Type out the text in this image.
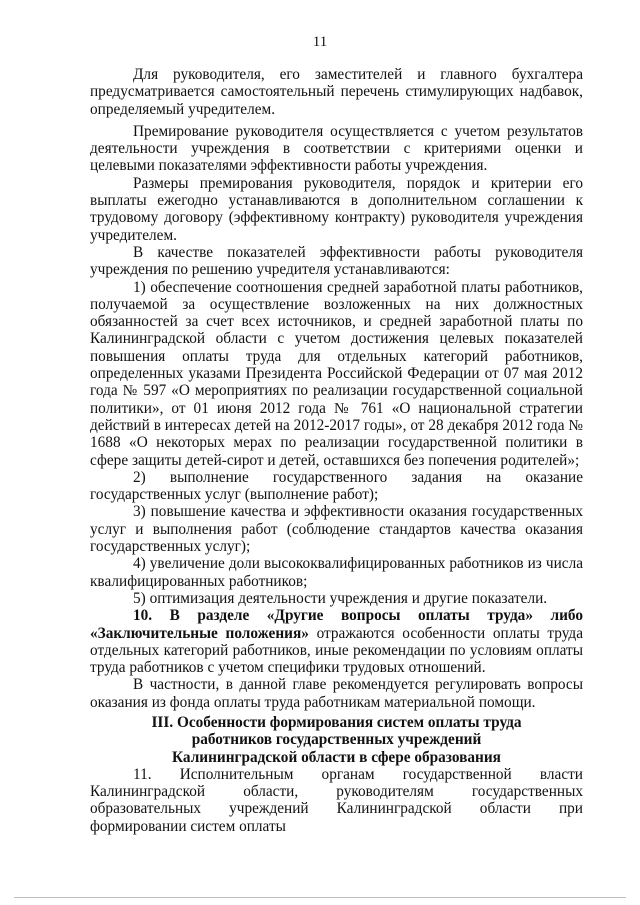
11

Для руководителя, его заместителей и главного бухгалтера предусматривается самостоятельный перечень стимулирующих надбавок, определяемый учредителем.

Премирование руководителя осуществляется с учетом результатов деятельности учреждения в соответствии с критериями оценки и целевыми показателями эффективности работы учреждения.

Размеры премирования руководителя, порядок и критерии его выплаты ежегодно устанавливаются в дополнительном соглашении к трудовому договору (эффективному контракту) руководителя учреждения учредителем.

В качестве показателей эффективности работы руководителя учреждения по решению учредителя устанавливаются:

1) обеспечение соотношения средней заработной платы работников, получаемой за осуществление возложенных на них должностных обязанностей за счет всех источников, и средней заработной платы по Калининградской области с учетом достижения целевых показателей повышения оплаты труда для отдельных категорий работников, определенных указами Президента Российской Федерации от 07 мая 2012 года № 597 «О мероприятиях по реализации государственной социальной политики», от 01 июня 2012 года № 761 «О национальной стратегии действий в интересах детей на 2012-2017 годы», от 28 декабря 2012 года № 1688 «О некоторых мерах по реализации государственной политики в сфере защиты детей-сирот и детей, оставшихся без попечения родителей»;

2) выполнение государственного задания на оказание государственных услуг (выполнение работ);

3) повышение качества и эффективности оказания государственных услуг и выполнения работ (соблюдение стандартов качества оказания государственных услуг);

4) увеличение доли высококвалифицированных работников из числа квалифицированных работников;

5) оптимизация деятельности учреждения и другие показатели.

10. В разделе «Другие вопросы оплаты труда» либо «Заключительные положения» отражаются особенности оплаты труда отдельных категорий работников, иные рекомендации по условиям оплаты труда работников с учетом специфики трудовых отношений.

В частности, в данной главе рекомендуется регулировать вопросы оказания из фонда оплаты труда работникам материальной помощи.

III. Особенности формирования систем оплаты труда
работников государственных учреждений
Калининградской области в сфере образования

11. Исполнительным органам государственной власти Калининградской области, руководителям государственных образовательных учреждений Калининградской области при формировании систем оплаты
